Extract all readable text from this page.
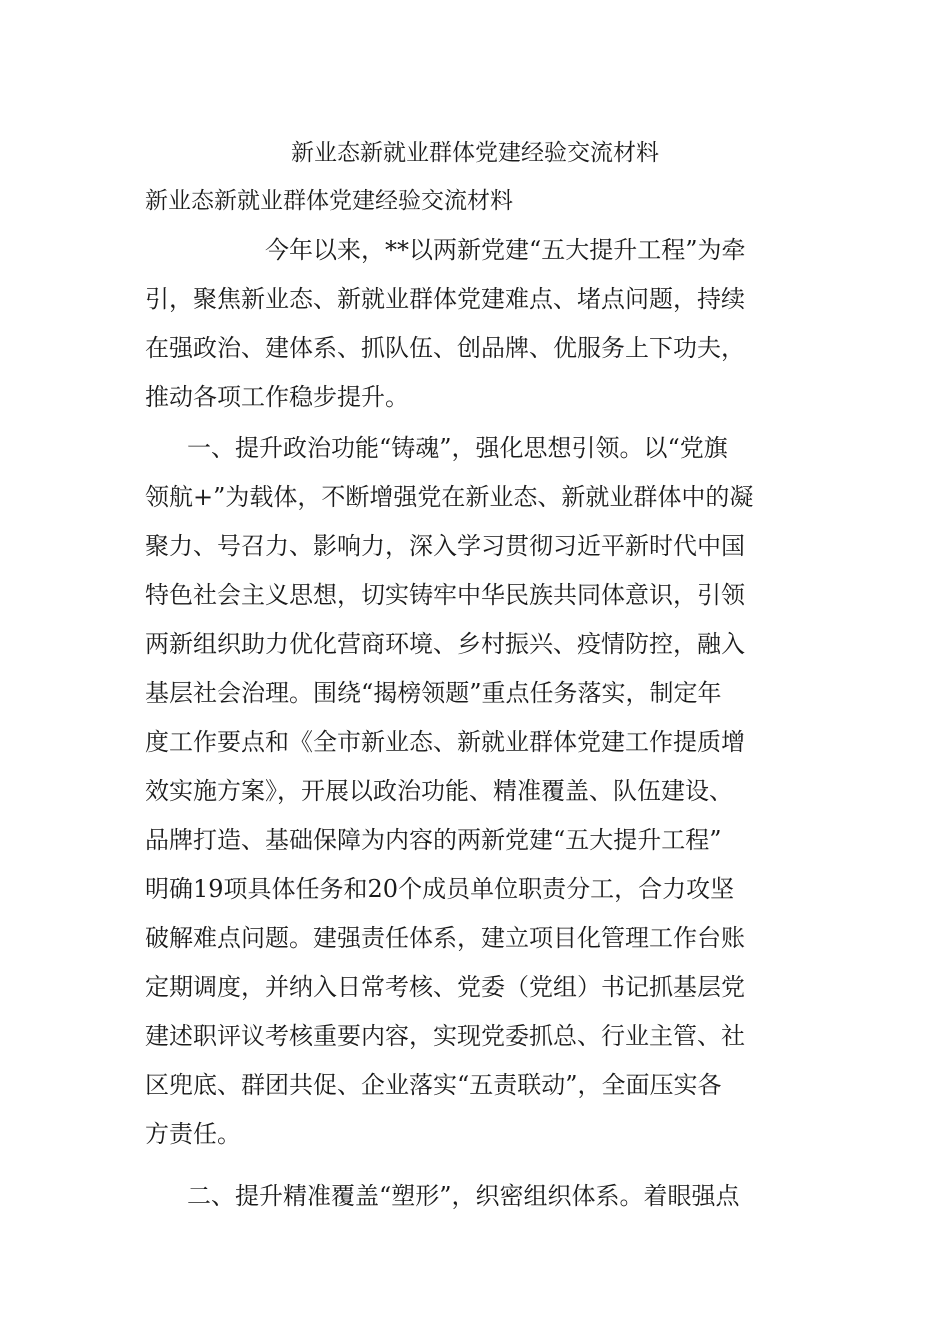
新业态新就业群体党建经验交流材料
新业态新就业群体党建经验交流材料
今年以来，**以两新党建“五大提升工程”为牵
引，聚焦新业态、新就业群体党建难点、堵点问题，持续
在强政治、建体系、抓队伍、创品牌、优服务上下功夫，
推动各项工作稳步提升。
一、提升政治功能“铸魂”，强化思想引领。以“党旗
领航+”为载体，不断增强党在新业态、新就业群体中的凝
聚力、号召力、影响力，深入学习贯彻习近平新时代中国
特色社会主义思想，切实铸牢中华民族共同体意识，引领
两新组织助力优化营商环境、乡村振兴、疫情防控，融入
基层社会治理。围绕“揭榜领题”重点任务落实，制定年
度工作要点和《全市新业态、新就业群体党建工作提质增
效实施方案》，开展以政治功能、精准覆盖、队伍建设、
品牌打造、基础保障为内容的两新党建“五大提升工程”
明确19项具体任务和20个成员单位职责分工，合力攻坚
破解难点问题。建强责任体系，建立项目化管理工作台账
定期调度，并纳入日常考核、党委（党组）书记抓基层党
建述职评议考核重要内容，实现党委抓总、行业主管、社
区兜底、群团共促、企业落实“五责联动”，全面压实各
方责任。
二、提升精准覆盖“塑形”，织密组织体系。着眼强点
